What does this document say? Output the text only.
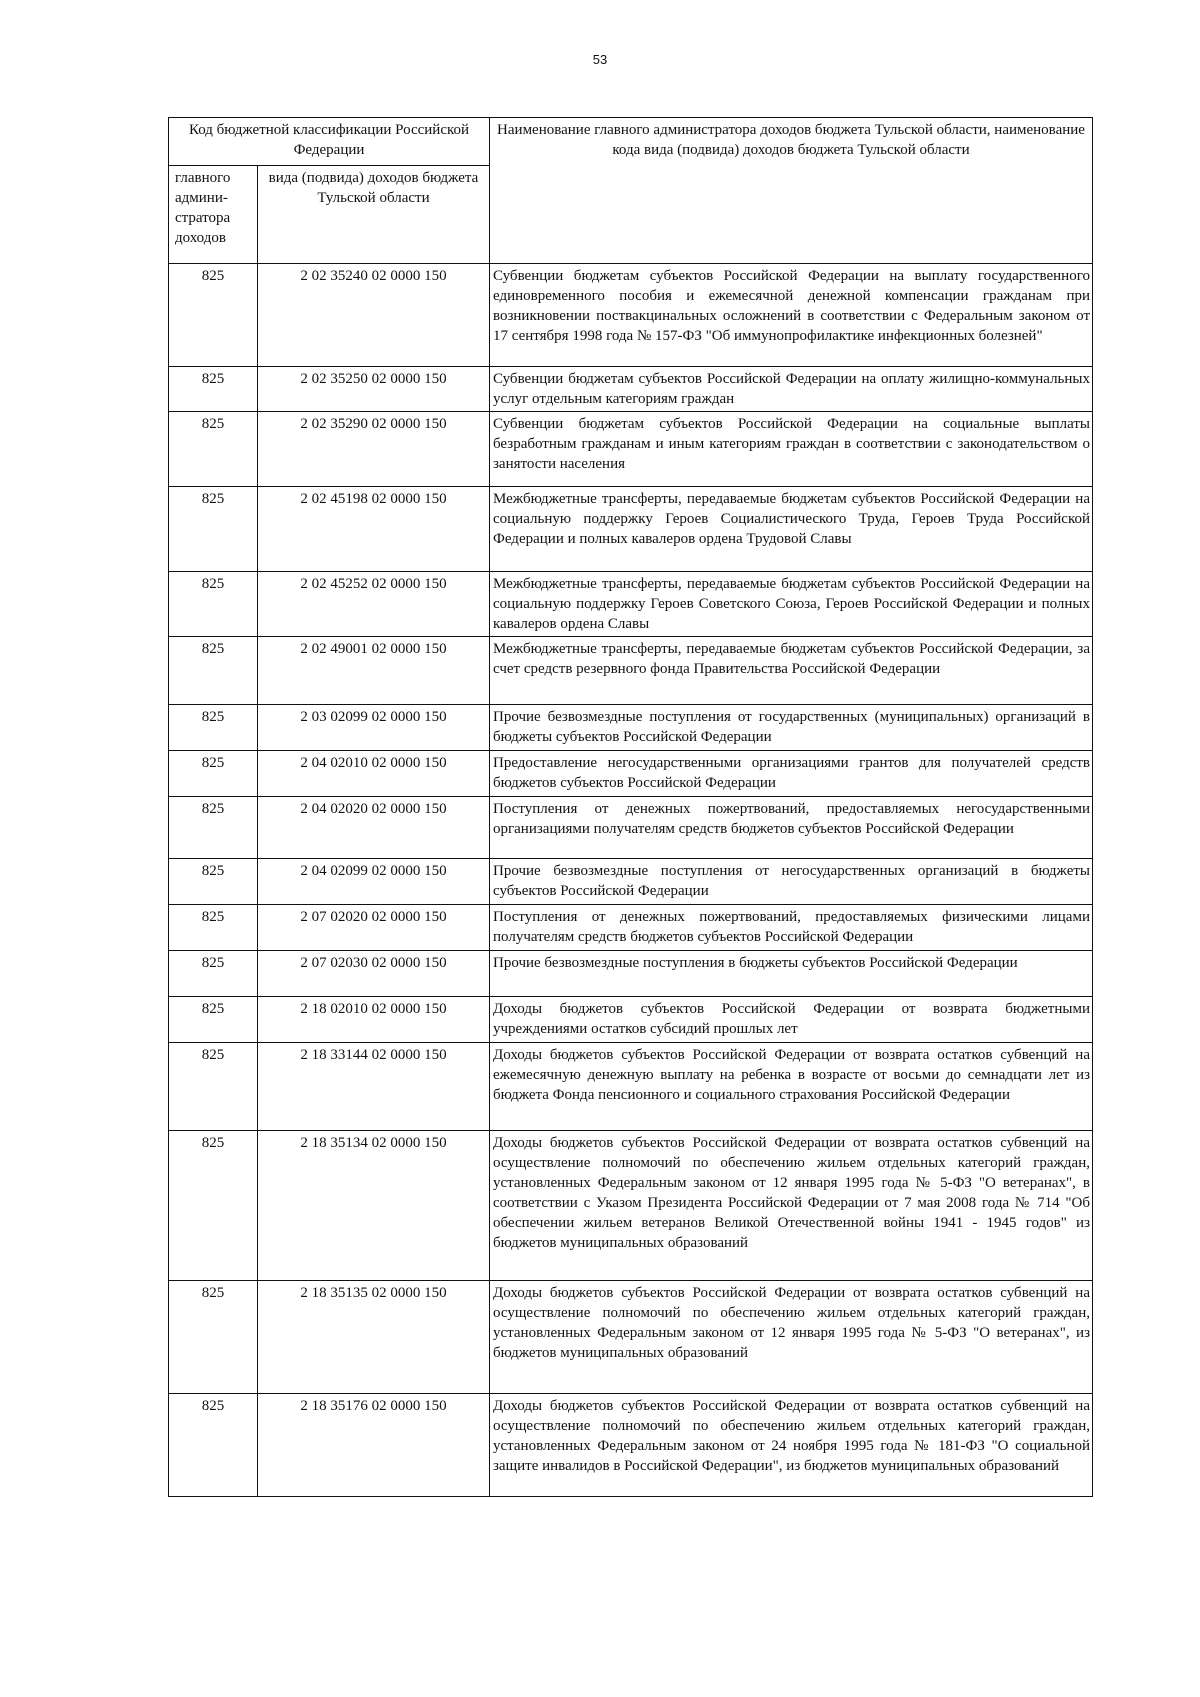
53
Код бюджетной классификации Российской Федерации		Наименование главного администратора доходов бюджета Тульской области, наименование кода вида (подвида) доходов бюджета Тульской области
главного админи-стратора доходов	вида (подвида) доходов бюджета Тульской области	
825	2 02 35240 02 0000 150	Субвенции бюджетам субъектов Российской Федерации на выплату государственного единовременного пособия и ежемесячной денежной компенсации гражданам при возникновении поствакцинальных осложнений в соответствии с Федеральным законом от 17 сентября 1998 года № 157-ФЗ "Об иммунопрофилактике инфекционных болезней"
825	2 02 35250 02 0000 150	Субвенции бюджетам субъектов Российской Федерации на оплату жилищно-коммунальных услуг отдельным категориям граждан
825	2 02 35290 02 0000 150	Субвенции бюджетам субъектов Российской Федерации на социальные выплаты безработным гражданам и иным категориям граждан в соответствии с законодательством о занятости населения
825	2 02 45198 02 0000 150	Межбюджетные трансферты, передаваемые бюджетам субъектов Российской Федерации на социальную поддержку Героев Социалистического Труда, Героев Труда Российской Федерации и полных кавалеров ордена Трудовой Славы
825	2 02 45252 02 0000 150	Межбюджетные трансферты, передаваемые бюджетам субъектов Российской Федерации на социальную поддержку Героев Советского Союза, Героев Российской Федерации и полных кавалеров ордена Славы
825	2 02 49001 02 0000 150	Межбюджетные трансферты, передаваемые бюджетам субъектов Российской Федерации, за счет средств резервного фонда Правительства Российской Федерации
825	2 03 02099 02 0000 150	Прочие безвозмездные поступления от государственных (муниципальных) организаций в бюджеты субъектов Российской Федерации
825	2 04 02010 02 0000 150	Предоставление негосударственными организациями грантов для получателей средств бюджетов субъектов Российской Федерации
825	2 04 02020 02 0000 150	Поступления от денежных пожертвований, предоставляемых негосударственными организациями получателям средств бюджетов субъектов Российской Федерации
825	2 04 02099 02 0000 150	Прочие безвозмездные поступления от негосударственных организаций в бюджеты субъектов Российской Федерации
825	2 07 02020 02 0000 150	Поступления от денежных пожертвований, предоставляемых физическими лицами получателям средств бюджетов субъектов Российской Федерации
825	2 07 02030 02 0000 150	Прочие безвозмездные поступления в бюджеты субъектов Российской Федерации
825	2 18 02010 02 0000 150	Доходы бюджетов субъектов Российской Федерации от возврата бюджетными учреждениями остатков субсидий прошлых лет
825	2 18 33144 02 0000 150	Доходы бюджетов субъектов Российской Федерации от возврата остатков субвенций на ежемесячную денежную выплату на ребенка в возрасте от восьми до семнадцати лет из бюджета Фонда пенсионного и социального страхования Российской Федерации
825	2 18 35134 02 0000 150	Доходы бюджетов субъектов Российской Федерации от возврата остатков субвенций на осуществление полномочий по обеспечению жильем отдельных категорий граждан, установленных Федеральным законом от 12 января 1995 года № 5-ФЗ "О ветеранах", в соответствии с Указом Президента Российской Федерации от 7 мая 2008 года № 714 "Об обеспечении жильем ветеранов Великой Отечественной войны 1941 - 1945 годов" из бюджетов муниципальных образований
825	2 18 35135 02 0000 150	Доходы бюджетов субъектов Российской Федерации от возврата остатков субвенций на осуществление полномочий по обеспечению жильем отдельных категорий граждан, установленных Федеральным законом от 12 января 1995 года № 5-ФЗ "О ветеранах", из бюджетов муниципальных образований
825	2 18 35176 02 0000 150	Доходы бюджетов субъектов Российской Федерации от возврата остатков субвенций на осуществление полномочий по обеспечению жильем отдельных категорий граждан, установленных Федеральным законом от 24 ноября 1995 года № 181-ФЗ "О социальной защите инвалидов в Российской Федерации", из бюджетов муниципальных образований
